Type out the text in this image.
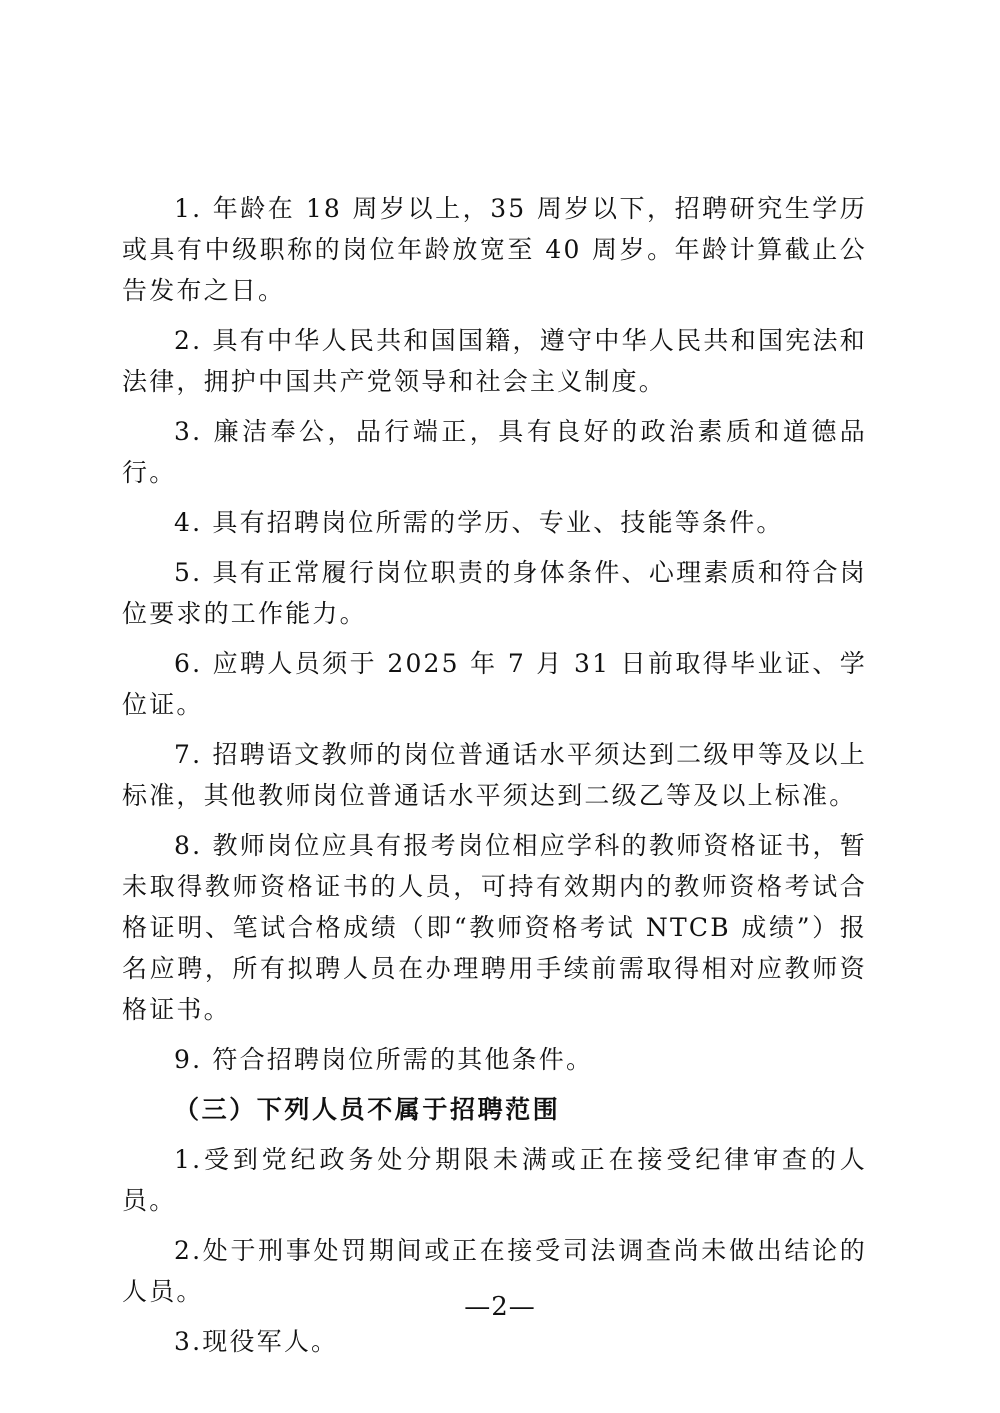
1. 年龄在 18 周岁以上，35 周岁以下，招聘研究生学历或具有中级职称的岗位年龄放宽至 40 周岁。年龄计算截止公告发布之日。

2. 具有中华人民共和国国籍，遵守中华人民共和国宪法和法律，拥护中国共产党领导和社会主义制度。

3. 廉洁奉公，品行端正，具有良好的政治素质和道德品行。

4. 具有招聘岗位所需的学历、专业、技能等条件。

5. 具有正常履行岗位职责的身体条件、心理素质和符合岗位要求的工作能力。

6. 应聘人员须于 2025 年 7 月 31 日前取得毕业证、学位证。

7. 招聘语文教师的岗位普通话水平须达到二级甲等及以上标准，其他教师岗位普通话水平须达到二级乙等及以上标准。

8. 教师岗位应具有报考岗位相应学科的教师资格证书，暂未取得教师资格证书的人员，可持有效期内的教师资格考试合格证明、笔试合格成绩（即“教师资格考试 NTCB 成绩”）报名应聘，所有拟聘人员在办理聘用手续前需取得相对应教师资格证书。

9. 符合招聘岗位所需的其他条件。

（三）下列人员不属于招聘范围

1.受到党纪政务处分期限未满或正在接受纪律审查的人员。

2.处于刑事处罚期间或正在接受司法调查尚未做出结论的人员。

3.现役军人。

—2—
